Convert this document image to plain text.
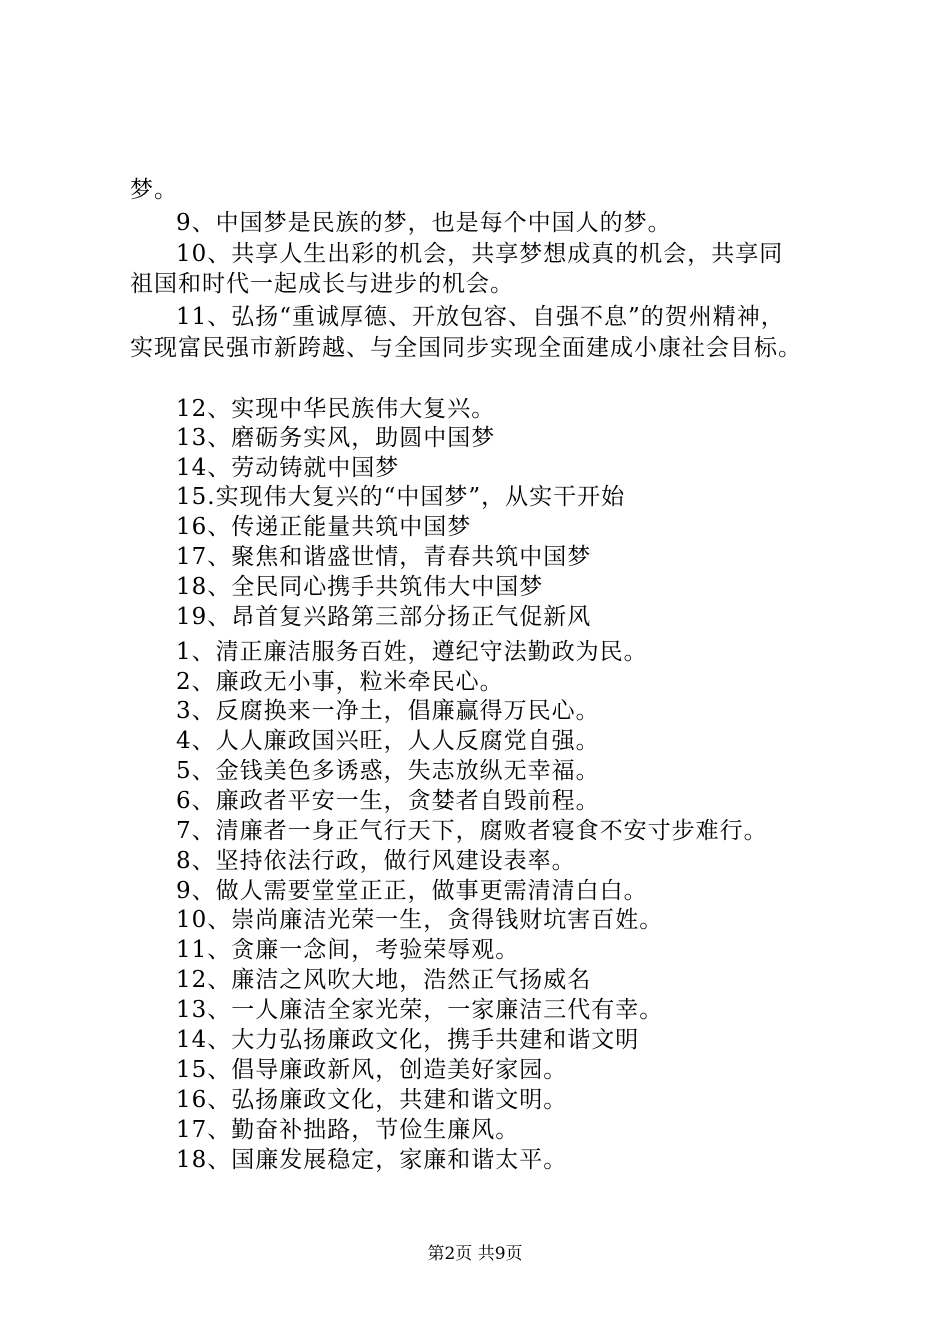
梦。
9、中国梦是民族的梦，也是每个中国人的梦。
10、共享人生出彩的机会，共享梦想成真的机会，共享同
祖国和时代一起成长与进步的机会。
11、弘扬“重诚厚德、开放包容、自强不息”的贺州精神，
实现富民强市新跨越、与全国同步实现全面建成小康社会目标。
12、实现中华民族伟大复兴。
13、磨砺务实风，助圆中国梦
14、劳动铸就中国梦
15.实现伟大复兴的“中国梦”，从实干开始
16、传递正能量共筑中国梦
17、聚焦和谐盛世情，青春共筑中国梦
18、全民同心携手共筑伟大中国梦
19、昂首复兴路第三部分扬正气促新风
1、清正廉洁服务百姓，遵纪守法勤政为民。
2、廉政无小事，粒米牵民心。
3、反腐换来一净土，倡廉赢得万民心。
4、人人廉政国兴旺，人人反腐党自强。
5、金钱美色多诱惑，失志放纵无幸福。
6、廉政者平安一生，贪婪者自毁前程。
7、清廉者一身正气行天下，腐败者寝食不安寸步难行。
8、坚持依法行政，做行风建设表率。
9、做人需要堂堂正正，做事更需清清白白。
10、崇尚廉洁光荣一生，贪得钱财坑害百姓。
11、贪廉一念间，考验荣辱观。
12、廉洁之风吹大地，浩然正气扬威名
13、一人廉洁全家光荣，一家廉洁三代有幸。
14、大力弘扬廉政文化，携手共建和谐文明
15、倡导廉政新风，创造美好家园。
16、弘扬廉政文化，共建和谐文明。
17、勤奋补拙路，节俭生廉风。
18、国廉发展稳定，家廉和谐太平。
第2页 共9页
